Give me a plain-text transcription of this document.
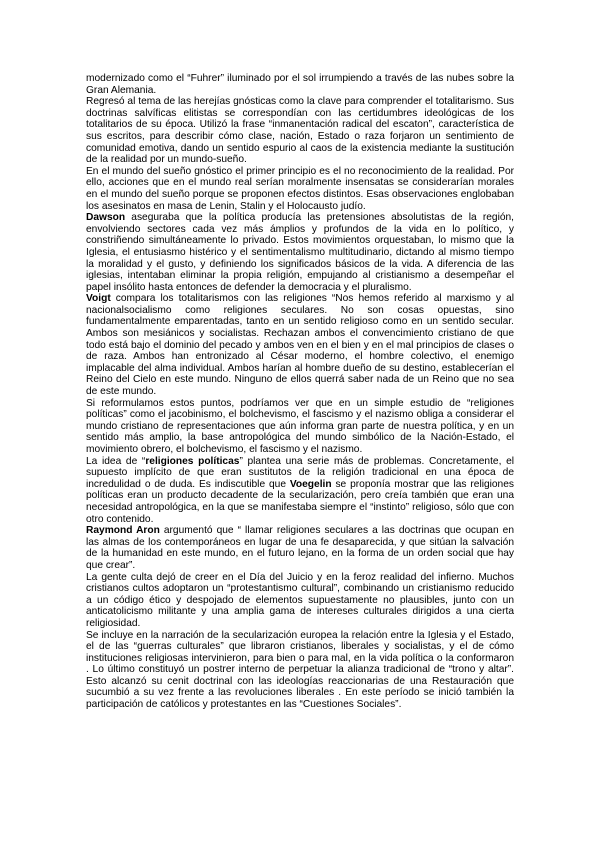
modernizado como el “Fuhrer” iluminado por el sol irrumpiendo a través de las nubes sobre la Gran Alemania.

Regresó al tema de las herejías gnósticas como la clave para comprender el totalitarismo. Sus doctrinas salvíficas elitistas se correspondían con las certidumbres ideológicas de los totalitarios de su época. Utilizó la frase “inmanentación radical del escaton”, característica de sus escritos, para describir cómo clase, nación, Estado o raza forjaron un sentimiento de comunidad emotiva, dando un sentido espurio al caos de la existencia mediante la sustitución de la realidad por un mundo-sueño.

En el mundo del sueño gnóstico el primer principio es el no reconocimiento de la realidad. Por ello, acciones que en el mundo real serían moralmente insensatas se considerarían morales en el mundo del sueño porque se proponen efectos distintos. Esas observaciones englobaban los asesinatos en masa de Lenin, Stalin y el Holocausto judío.

Dawson aseguraba que la política producía las pretensiones absolutistas de la región, envolviendo sectores cada vez más ámplios y profundos de la vida en lo político, y constriñendo simultáneamente lo privado. Estos movimientos orquestaban, lo mismo que la Iglesia, el entusiasmo histérico y el sentimentalismo multitudinario, dictando al mismo tiempo la moralidad y el gusto, y definiendo los significados básicos de la vida. A diferencia de las iglesias, intentaban eliminar la propia religión, empujando al cristianismo a desempeñar el papel insólito hasta entonces de defender la democracia y el pluralismo.

Voigt compara los totalitarismos con las religiones “Nos hemos referido al marxismo y al nacionalsocialismo como religiones seculares. No son cosas opuestas, sino fundamentalmente emparentadas, tanto en un sentido religioso como en un sentido secular. Ambos son mesiánicos y socialistas. Rechazan ambos el convencimiento cristiano de que todo está bajo el dominio del pecado y ambos ven en el bien y en el mal principios de clases o de raza. Ambos han entronizado al César moderno, el hombre colectivo, el enemigo implacable del alma individual. Ambos harían al hombre dueño de su destino, establecerían el Reino del Cielo en este mundo. Ninguno de ellos querrá saber nada de un Reino que no sea de este mundo.

Si reformulamos estos puntos, podríamos ver que en un simple estudio de “religiones políticas” como el jacobinismo, el bolchevismo, el fascismo y el nazismo obliga a considerar el mundo cristiano de representaciones que aún informa gran parte de nuestra política, y en un sentido más amplio, la base antropológica del mundo simbólico de la Nación-Estado, el movimiento obrero, el bolchevismo, el fascismo y el nazismo.

La idea de “religiones políticas” plantea una serie más de problemas. Concretamente, el supuesto implícito de que eran sustitutos de la religión tradicional en una época de incredulidad o de duda. Es indiscutible que Voegelin se proponía mostrar que las religiones políticas eran un producto decadente de la secularización, pero creía también que eran una necesidad antropológica, en la que se manifestaba siempre el “instinto” religioso, sólo que con otro contenido.

Raymond Aron argumentó que “ llamar religiones seculares a las doctrinas que ocupan en las almas de los contemporáneos en lugar de una fe desaparecida, y que sitúan la salvación de la humanidad en este mundo, en el futuro lejano, en la forma de un orden social que hay que crear”.

La gente culta dejó de creer en el Día del Juicio y en la feroz realidad del infierno. Muchos cristianos cultos adoptaron un “protestantismo cultural”, combinando un cristianismo reducido a un código ético y despojado de elementos supuestamente no plausibles, junto con un anticatolicismo militante y una amplia gama de intereses culturales dirigidos a una cierta religiosidad.

Se incluye en la narración de la secularización europea la relación entre la Iglesia y el Estado, el de las “guerras culturales” que libraron cristianos, liberales y socialistas, y el de cómo instituciones religiosas intervinieron, para bien o para mal, en la vida política o la conformaron . Lo último constituyó un postrer interno de perpetuar la alianza tradicional de “trono y altar”. Esto alcanzó su cenit doctrinal con las ideologías reaccionarias de una Restauración que sucumbió a su vez frente a las revoluciones liberales . En este período se inició también la participación de católicos y protestantes en las “Cuestiones Sociales”.
